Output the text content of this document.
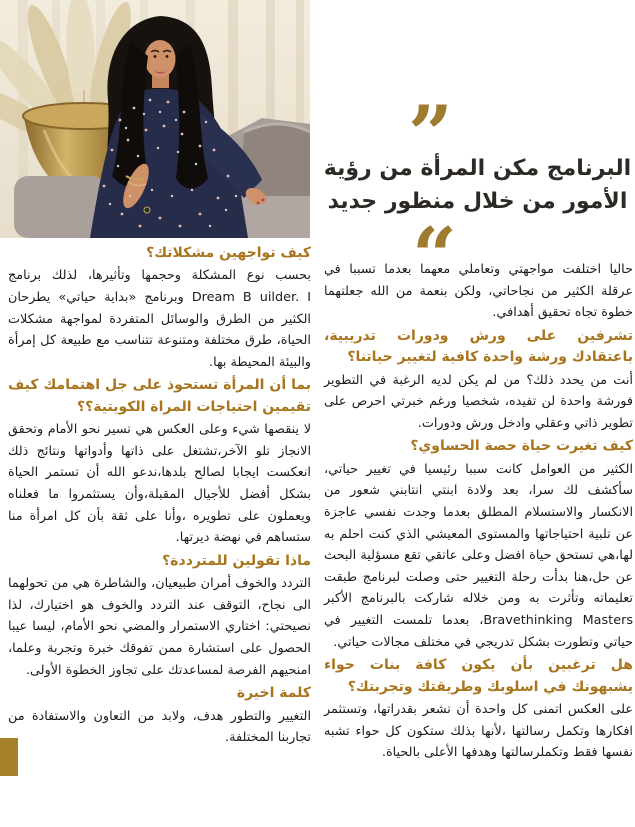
”
البرنامج مكن المرأة من رؤية
الأمور من خلال منظور جديد
“
كيف تواجهين مشكلاتك؟

بحسب نوع المشكلة وحجمها وتأثيرها، لذلك برنامج Dream B uilder. I وبرنامج «بداية حياتي» يطرحان الكثير من الطرق والوسائل المتفردة لمواجهة مشكلات الحياة، طرق مختلفة ومتنوعة تتناسب مع طبيعة كل إمرأة والبيئة المحيطة بها.

بما أن المرأة تستحوذ على جل اهتمامك كيف تقيمين احتياجات المراة الكويتية؟؟

لا ينقصها شيء وعلى العكس هي تسير نحو الأمام وتحقق الانجاز تلو الآخر،تشتغل على ذاتها وأدواتها ونتائج ذلك انعكست ايجابا لصالح بلدها،ندعو الله أن تستمر الحياة بشكل أفضل للأجيال المقبلة،وأن يستثمروا ما فعلناه ويعملون على تطويره ،وأنا على ثقة بأن كل امرأة منا ستساهم في نهضة ديرتها.

ماذا تقولين للمترددة؟

التردد والخوف أمران طبيعيان، والشاطرة هي من تحولهما الى نجاح، التوقف عند التردد والخوف هو اختيارك، لذا نصيحتي: اختاري الاستمرار والمضي نحو الأمام، ليسا عيبا الحصول على استشارة ممن تفوقك خبرة وتجربة وعلما، امنحيهم الفرصة لمساعدتك على تجاوز الخطوة الأولى.

كلمة اخيرة

التغيير والتطور هدف، ولابد من التعاون والاستفادة من تجاربنا المختلفة.

حاليا اختلفت مواجهتي وتعاملي معهما بعدما تسببا في عرقلة الكثير من نجاحاتي، ولكن بنعمة من الله جعلتهما خطوة تجاه تحقيق أهدافي.

تشرفين على ورش ودورات تدريبية، باعتقادك ورشة واحدة كافية لتغيير حياتنا؟

أنت من يحدد ذلك؟ من لم يكن لديه الرغبة في التطوير فورشة واحدة لن تفيده، شخصيا ورغم خبرتي احرص على تطوير ذاتي وعقلي وادخل ورش ودورات.

كيف تغيرت حياة حصة الحساوي؟

الكثير من العوامل كانت سببا رئيسيا في تغيير حياتي، سأكشف لك سرا، بعد ولادة ابنتي انتابني شعور من الانكسار والاستسلام المطلق بعدما وجدت نفسي عاجزة عن تلبية احتياجاتها والمستوى المعيشي الذي كنت احلم به لها،هي تستحق حياة افضل وعلى عاتقي تقع مسؤلية البحث عن حل،هنا بدأت رحلة التغيير حتى وصلت لبرنامج طبقت تعليماته وتأثرت به ومن خلاله شاركت بالبرنامج الأكبر Bravethinking Masters، بعدما تلمست التغيير في حياتي وتطورت بشكل تدريجي في مختلف مجالات حياتي.

هل ترغبين بأن يكون كافة بنات حواء يشبهونك في اسلوبك وطريقتك وتجربتك؟

على العكس اتمنى كل واحدة أن تشعر بقدراتها، وتستثمر افكارها وتكمل رسالتها ،لأنها بذلك ستكون كل حواء تشبه نفسها فقط وتكملرسالتها وهدفها الأعلى بالحياة.
